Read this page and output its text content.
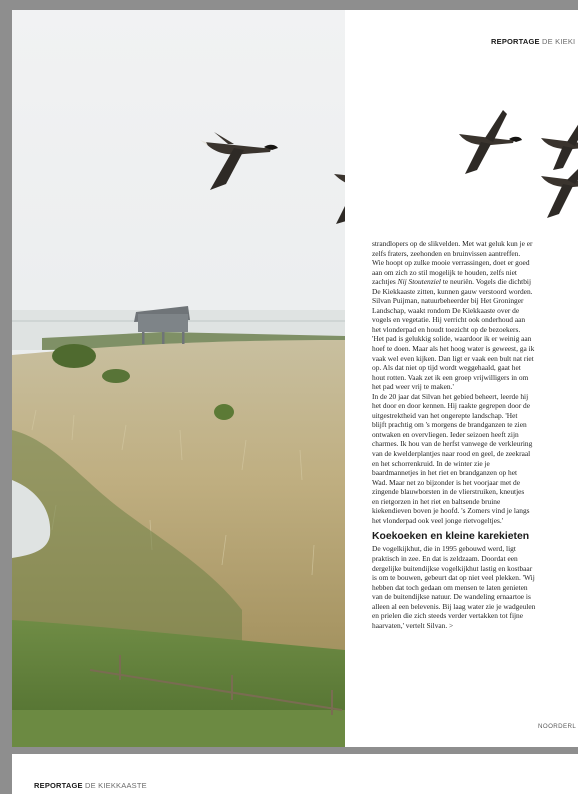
REPORTAGE DE KIEKI
strandlopers op de slikvelden. Met wat geluk kun je er
zelfs fraters, zeehonden en bruinvissen aantreffen.
Wie hoopt op zulke mooie verrassingen, doet er goed
aan om zich zo stil mogelijk te houden, zelfs niet
zachtjes Nij Stoutenziel te neuriën. Vogels die dichtbij
De Kiekkaaste zitten, kunnen gauw verstoord worden.
Silvan Puijman, natuurbeheerder bij Het Groninger
Landschap, waakt rondom De Kiekkaaste over de
vogels en vegetatie. Hij verricht ook onderhoud aan
het vlonderpad en houdt toezicht op de bezoekers.
'Het pad is gelukkig solide, waardoor ik er weinig aan
hoef te doen. Maar als het hoog water is geweest, ga ik
vaak wel even kijken. Dan ligt er vaak een bult nat riet
op. Als dat niet op tijd wordt weggehaald, gaat het
hout rotten. Vaak zet ik een groep vrijwilligers in om
het pad weer vrij te maken.'
In de 20 jaar dat Silvan het gebied beheert, leerde hij
het door en door kennen. Hij raakte gegrepen door de
uitgestrektheid van het ongerepte landschap. 'Het
blijft prachtig om 's morgens de brandganzen te zien
ontwaken en overvliegen. Ieder seizoen heeft zijn
charmes. Ik hou van de herfst vanwege de verkleuring
van de kwelderplantjes naar rood en geel, de zeekraal
en het schorrenkruid. In de winter zie je
baardmannetjes in het riet en brandganzen op het
Wad. Maar net zo bijzonder is het voorjaar met de
zingende blauwborsten in de vlierstruiken, kneutjes
en rietgorzen in het riet en baltsende bruine
kiekendieven boven je hoofd. 's Zomers vind je langs
het vlonderpad ook veel jonge rietvogeltjes.'
Koekoeken en kleine karekieten
De vogelkijkhut, die in 1995 gebouwd werd, ligt
praktisch in zee. En dat is zeldzaam. Doordat een
dergelijke buitendijkse vogelkijkhut lastig en kostbaar
is om te bouwen, gebeurt dat op niet veel plekken. 'Wij
hebben dat toch gedaan om mensen te laten genieten
van de buitendijkse natuur. De wandeling ernaartoe is
alleen al een belevenis. Bij laag water zie je wadgeulen
en prielen die zich steeds verder vertakken tot fijne
haarvaten,' vertelt Silvan. >
NOORDERL
REPORTAGE DE KIEKKAASTE
